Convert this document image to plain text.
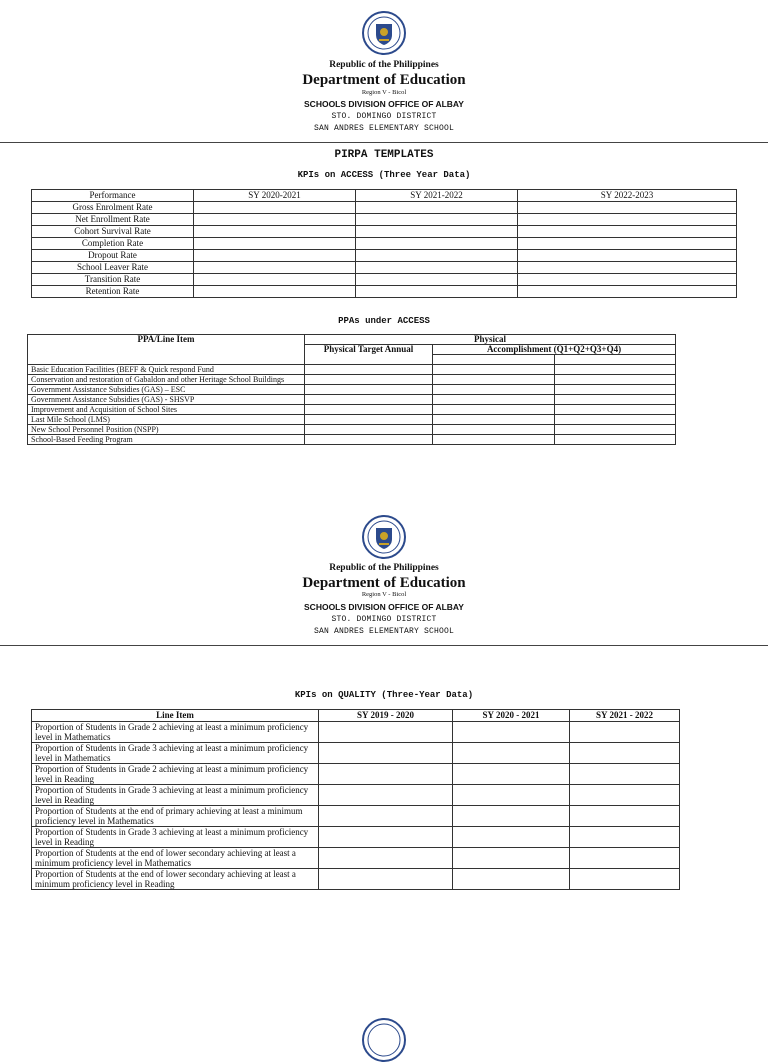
Republic of the Philippines
Department of Education
Region V - Bicol
SCHOOLS DIVISION OFFICE OF ALBAY
STO. DOMINGO DISTRICT
SAN ANDRES ELEMENTARY SCHOOL
PIRPA TEMPLATES
KPIs on ACCESS (Three Year Data)
Performance	SY 2020-2021	SY 2021-2022	SY 2022-2023
Gross Enrolment Rate			
Net Enrollment Rate			
Cohort Survival Rate			
Completion Rate			
Dropout Rate			
School Leaver Rate			
Transition Rate			
Retention Rate			
PPAs under ACCESS
PPA/Line Item	Physical		
	Physical Target Annual	Accomplishment (Q1+Q2+Q3+Q4)	

Basic Education Facilities (BEFF & Quick respond Fund			
Conservation and restoration of Gabaldon and other Heritage School Buildings			
Government Assistance Subsidies (GAS) – ESC			
Government Assistance Subsidies (GAS) - SHSVP			
Improvement and Acquisition of School Sites			
Last Mile School (LMS)			
New School Personnel Position (NSPP)			
School-Based Feeding Program			
Republic of the Philippines
Department of Education
Region V - Bicol
SCHOOLS DIVISION OFFICE OF ALBAY
STO. DOMINGO DISTRICT
SAN ANDRES ELEMENTARY SCHOOL
KPIs on QUALITY (Three-Year Data)
Line Item	SY 2019 - 2020	SY 2020 - 2021	SY 2021 - 2022
Proportion of Students in Grade 2 achieving at least a minimum proficiency level in Mathematics			
Proportion of Students in Grade 3 achieving at least a minimum proficiency level in Mathematics			
Proportion of Students in Grade 2 achieving at least a minimum proficiency level in Reading			
Proportion of Students in Grade 3 achieving at least a minimum proficiency level in Reading			
Proportion of Students at the end of primary achieving at least a minimum proficiency level in Mathematics			
Proportion of Students in Grade 3 achieving at least a minimum proficiency level in Reading			
Proportion of Students at the end of lower secondary achieving at least a minimum proficiency level in Mathematics			
Proportion of Students at the end of lower secondary achieving at least a minimum proficiency level in Reading			
